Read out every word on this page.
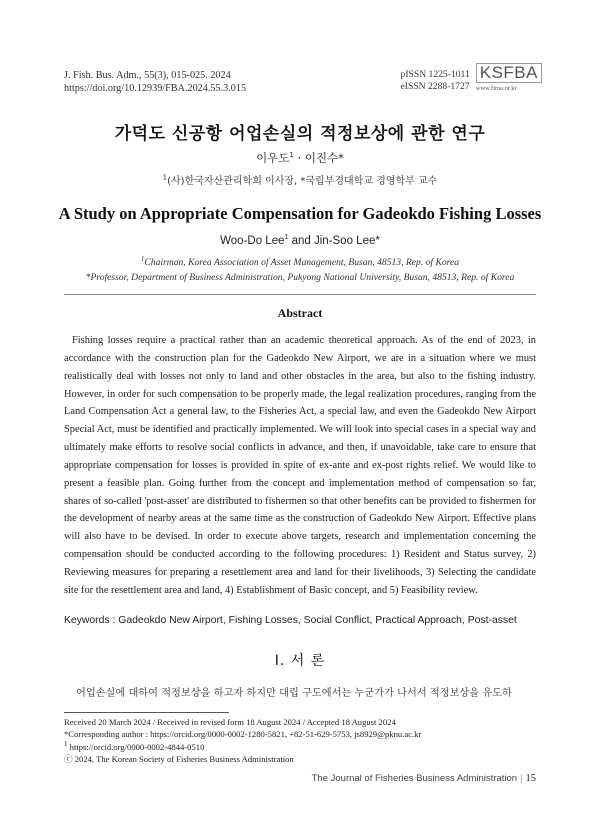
J. Fish. Bus. Adm., 55(3), 015-025. 2024
https://doi.org/10.12939/FBA.2024.55.3.015
pISSN 1225-1011
eISSN 2288-1727
KSFBA
www.fima.or.kr
가덕도 신공항 어업손실의 적정보상에 관한 연구
이우도$^1$ · 이진수*
$^1$(사)한국자산관리학회 이사장, *국립부경대학교 경영학부 교수
A Study on Appropriate Compensation for Gadeokdo Fishing Losses
Woo-Do Lee$^1$ and Jin-Soo Lee*
$^1$Chairman, Korea Association of Asset Management, Busan, 48513, Rep. of Korea
*Professor, Department of Business Administration, Pukyong National University, Busan, 48513, Rep. of Korea
Abstract

Fishing losses require a practical rather than an academic theoretical approach. As of the end of 2023, in accordance with the construction plan for the Gadeokdo New Airport, we are in a situation where we must realistically deal with losses not only to land and other obstacles in the area, but also to the fishing industry. However, in order for such compensation to be properly made, the legal realization procedures, ranging from the Land Compensation Act a general law, to the Fisheries Act, a special law, and even the Gadeokdo New Airport Special Act, must be identified and practically implemented. We will look into special cases in a special way and ultimately make efforts to resolve social conflicts in advance, and then, if unavoidable, take care to ensure that appropriate compensation for losses is provided in spite of ex-ante and ex-post rights relief. We would like to present a feasible plan. Going further from the concept and implementation method of compensation so far, shares of so-called 'post-asset' are distributed to fishermen so that other benefits can be provided to fishermen for the development of nearby areas at the same time as the construction of Gadeokdo New Airport. Effective plans will also have to be devised. In order to execute above targets, research and implementation concerning the compensation should be conducted according to the following procedures: 1) Resident and Status survey, 2) Reviewing measures for preparing a resettlement area and land for their livelihoods, 3) Selecting the candidate site for the resettlement area and land, 4) Establishment of Basic concept, and 5) Feasibility review.

Keywords : Gadeokdo New Airport, Fishing Losses, Social Conflict, Practical Approach, Post-asset
Ⅰ. 서 론
어업손실에 대하여 적정보상을 하고자 하지만 대립 구도에서는 누군가가 나서서 적정보상을 유도하
Received 20 March 2024 / Received in revised form 18 August 2024 / Accepted 18 August 2024
*Corresponding author : https://orcid.org/0000-0002-1280-5821, +82-51-629-5753, js8929@pknu.ac.kr
$^1$ https://orcid.org/0000-0002-4844-0510
ⓒ 2024, The Korean Society of Fisheries Business Administration
The Journal of Fisheries Business Administration | 15
